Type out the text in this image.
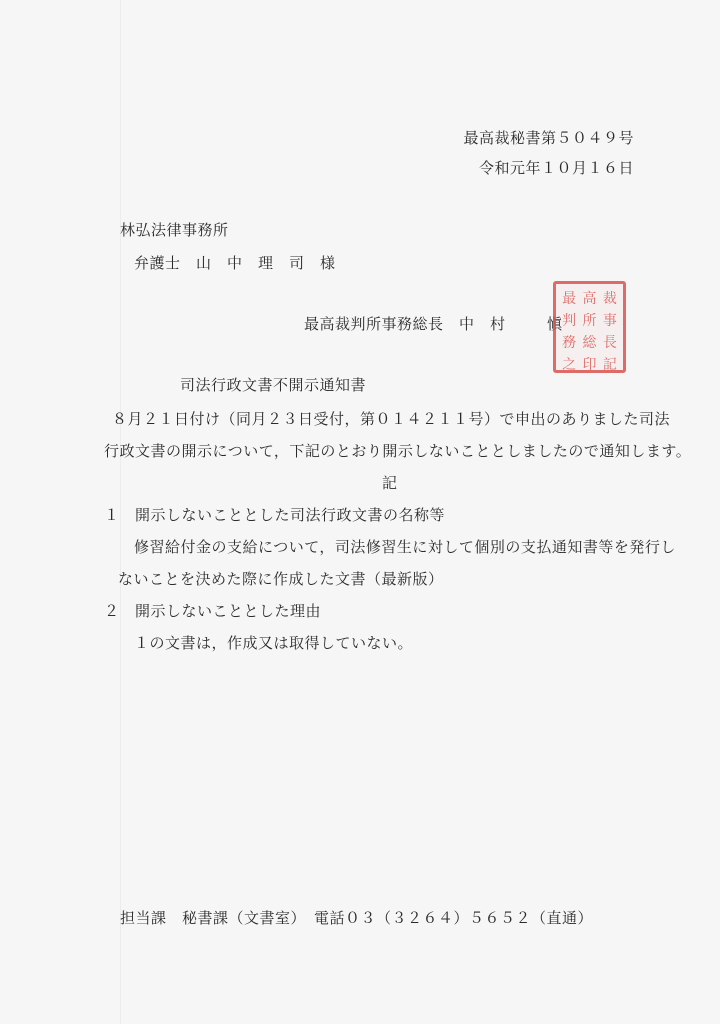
最高裁秘書第５０４９号
令和元年１０月１６日
林弘法律事務所
弁護士　山　中　理　司　様
最高裁判所事務総長　中　村	愼
最 高 裁
判 所 事
務 総 長
之 印 記
司法行政文書不開示通知書
８月２１日付け（同月２３日受付，第０１４２１１号）で申出のありました司法
行政文書の開示について，下記のとおり開示しないこととしましたので通知します。
記
１　開示しないこととした司法行政文書の名称等
修習給付金の支給について，司法修習生に対して個別の支払通知書等を発行し
ないことを決めた際に作成した文書（最新版）
２　開示しないこととした理由
１の文書は，作成又は取得していない。
担当課　秘書課（文書室）　電話０３（３２６４）５６５２（直通）
